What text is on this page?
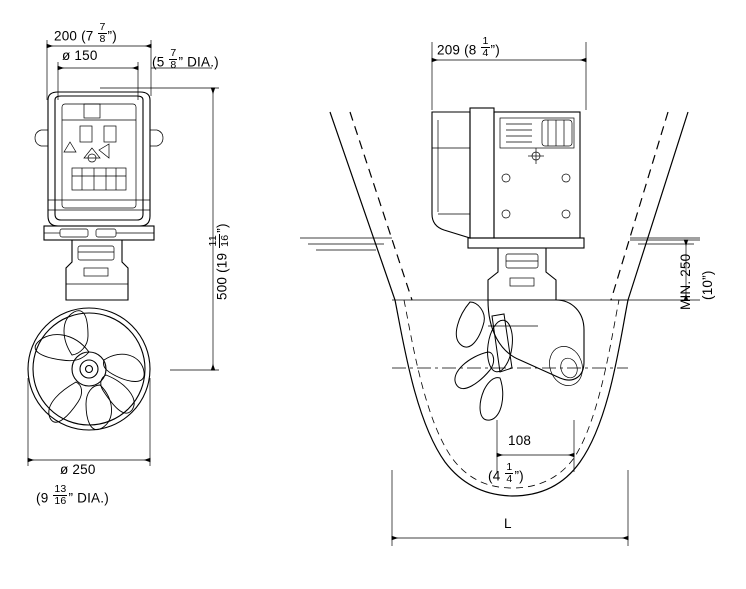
200 ($7 \frac{7}{8}$ ”)
ø 150	($5 \frac{7}{8}$ ” DIA.)
500 (19
11 16
”)
ø 250
($9 \frac{13}{16}$ ” DIA.)
209 ($8 \frac{1}{4}$ ”)
MIN. 250 (10”)
108
($4 \frac{1}{4}$ ”)
L
